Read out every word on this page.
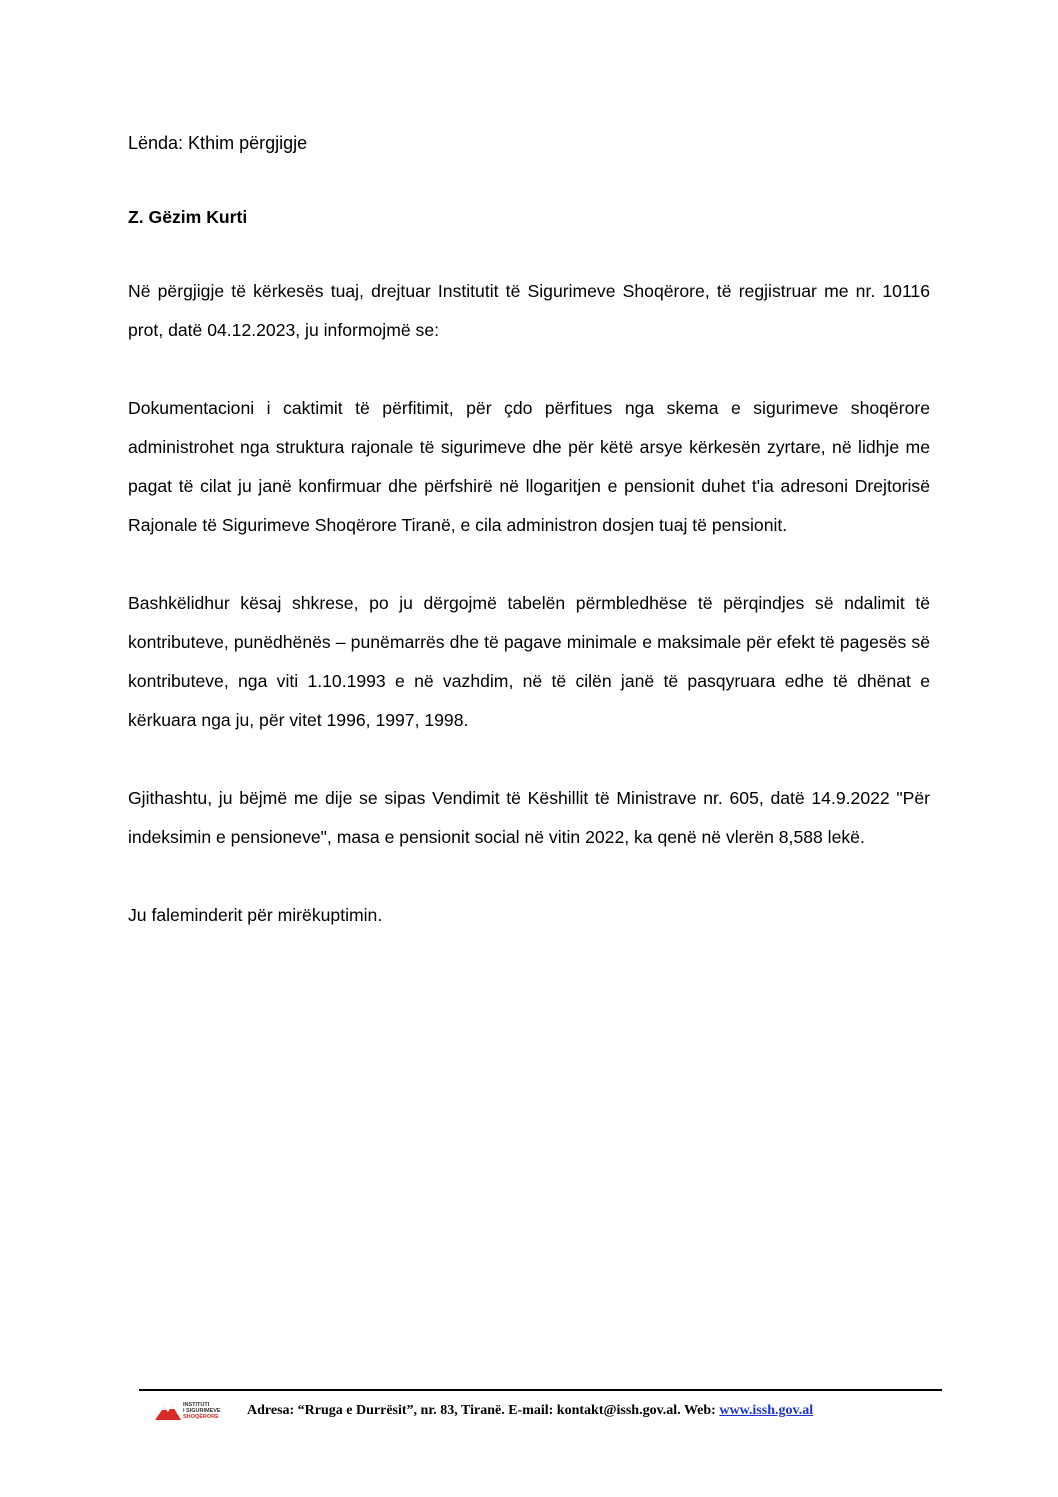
Lënda: Kthim përgjigje

Z. Gëzim Kurti

Në përgjigje të kërkesës tuaj, drejtuar Institutit të Sigurimeve Shoqërore, të regjistruar me nr. 10116 prot, datë 04.12.2023, ju informojmë se:

Dokumentacioni i caktimit të përfitimit, për çdo përfitues nga skema e sigurimeve shoqërore administrohet nga struktura rajonale të sigurimeve dhe për këtë arsye kërkesën zyrtare, në lidhje me pagat të cilat ju janë konfirmuar dhe përfshirë në llogaritjen e pensionit duhet t'ia adresoni Drejtorisë Rajonale të Sigurimeve Shoqërore Tiranë, e cila administron dosjen tuaj të pensionit.

Bashkëlidhur kësaj shkrese, po ju dërgojmë tabelën përmbledhëse të përqindjes së ndalimit të kontributeve, punëdhënës – punëmarrës dhe të pagave minimale e maksimale për efekt të pagesës së kontributeve, nga viti 1.10.1993 e në vazhdim, në të cilën janë të pasqyruara edhe të dhënat e kërkuara nga ju, për vitet 1996, 1997, 1998.

Gjithashtu, ju bëjmë me dije se sipas Vendimit të Këshillit të Ministrave nr. 605, datë 14.9.2022 "Për indeksimin e pensioneve", masa e pensionit social në vitin 2022, ka qenë në vlerën 8,588 lekë.

Ju faleminderit për mirëkuptimin.

INSTITUTI
I SIGURIMEVE
SHOQËRORE Adresa: “Rruga e Durrësit”, nr. 83, Tiranë. E-mail: kontakt@issh.gov.al. Web: www.issh.gov.al
